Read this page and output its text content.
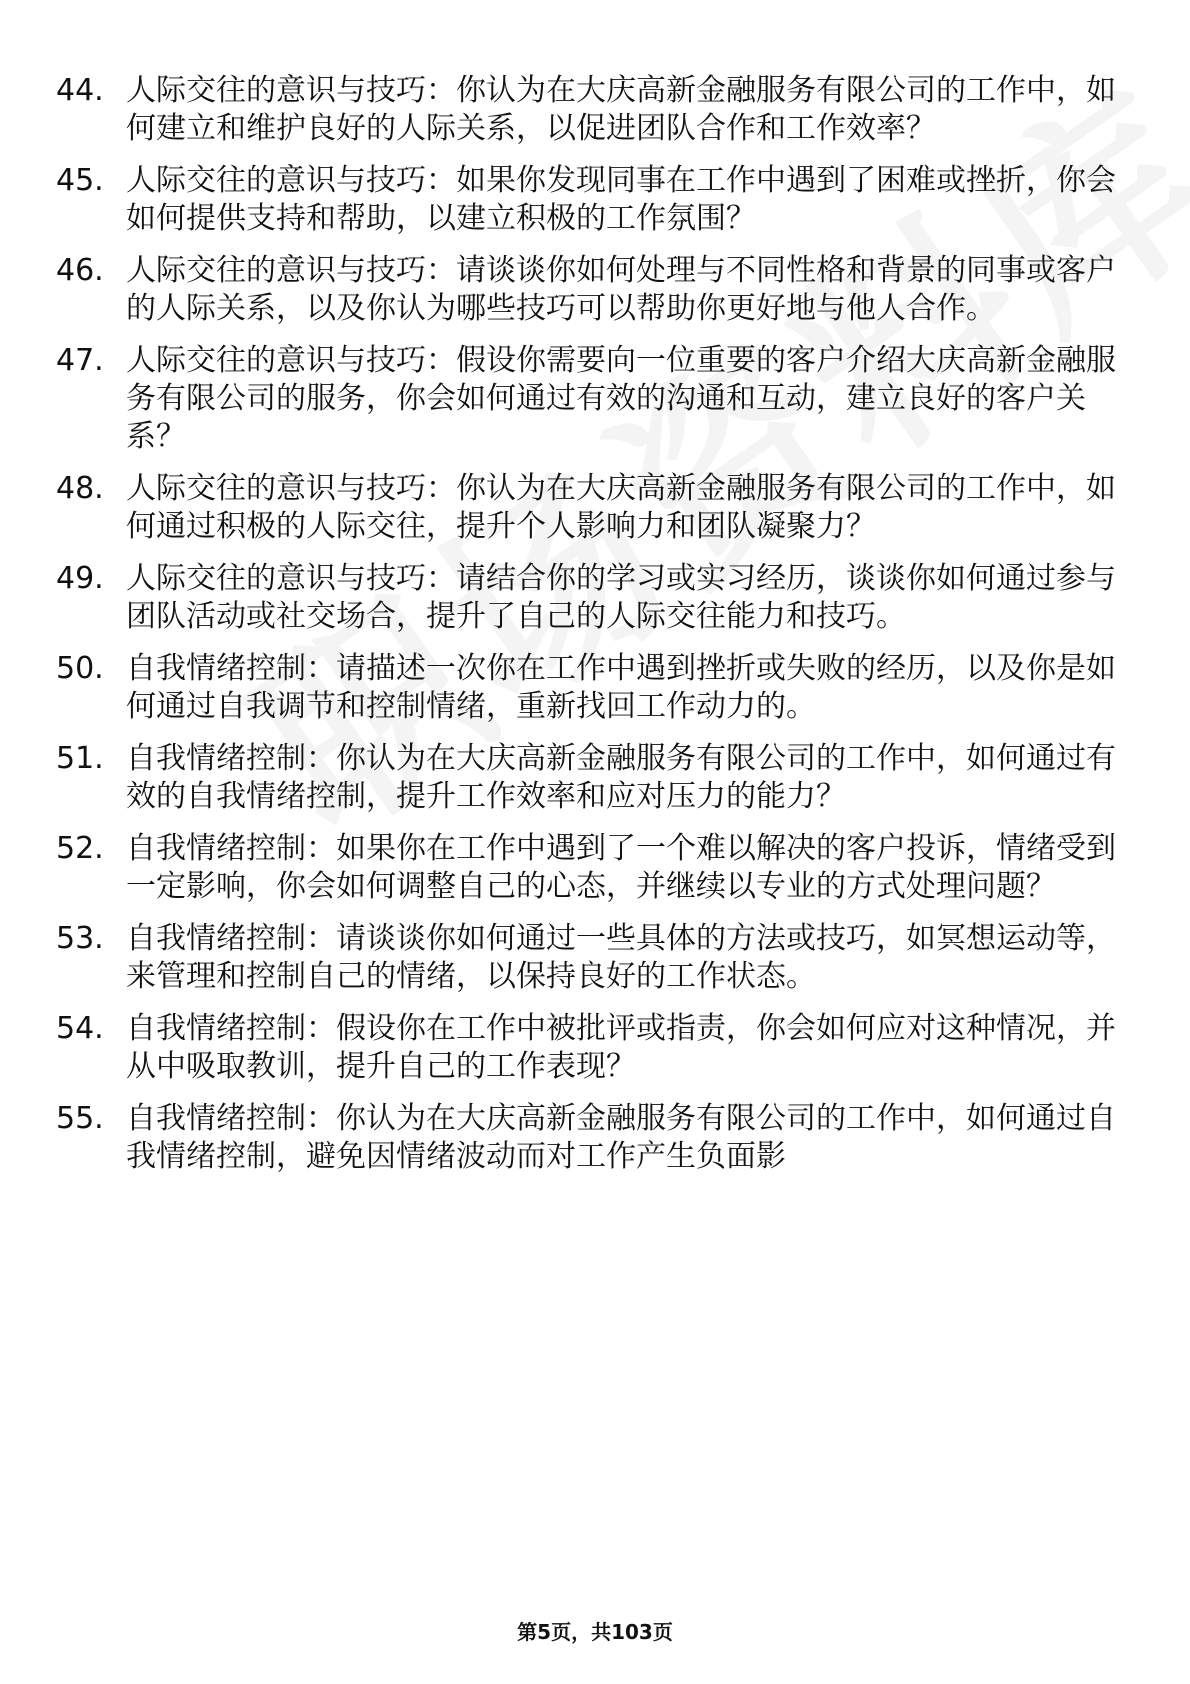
44. 人际交往的意识与技巧：你认为在大庆高新金融服务有限公司的工作中，如何建立和维护良好的人际关系，以促进团队合作和工作效率？
45. 人际交往的意识与技巧：如果你发现同事在工作中遇到了困难或挫折，你会如何提供支持和帮助，以建立积极的工作氛围？
46. 人际交往的意识与技巧：请谈谈你如何处理与不同性格和背景的同事或客户的人际关系，以及你认为哪些技巧可以帮助你更好地与他人合作。
47. 人际交往的意识与技巧：假设你需要向一位重要的客户介绍大庆高新金融服务有限公司的服务，你会如何通过有效的沟通和互动，建立良好的客户关系？
48. 人际交往的意识与技巧：你认为在大庆高新金融服务有限公司的工作中，如何通过积极的人际交往，提升个人影响力和团队凝聚力？
49. 人际交往的意识与技巧：请结合你的学习或实习经历，谈谈你如何通过参与团队活动或社交场合，提升了自己的人际交往能力和技巧。
50. 自我情绪控制：请描述一次你在工作中遇到挫折或失败的经历，以及你是如何通过自我调节和控制情绪，重新找回工作动力的。
51. 自我情绪控制：你认为在大庆高新金融服务有限公司的工作中，如何通过有效的自我情绪控制，提升工作效率和应对压力的能力？
52. 自我情绪控制：如果你在工作中遇到了一个难以解决的客户投诉，情绪受到一定影响，你会如何调整自己的心态，并继续以专业的方式处理问题？
53. 自我情绪控制：请谈谈你如何通过一些具体的方法或技巧，如冥想运动等，来管理和控制自己的情绪，以保持良好的工作状态。
54. 自我情绪控制：假设你在工作中被批评或指责，你会如何应对这种情况，并从中吸取教训，提升自己的工作表现？
55. 自我情绪控制：你认为在大庆高新金融服务有限公司的工作中，如何通过自我情绪控制，避免因情绪波动而对工作产生负面影
第5页，共103页
